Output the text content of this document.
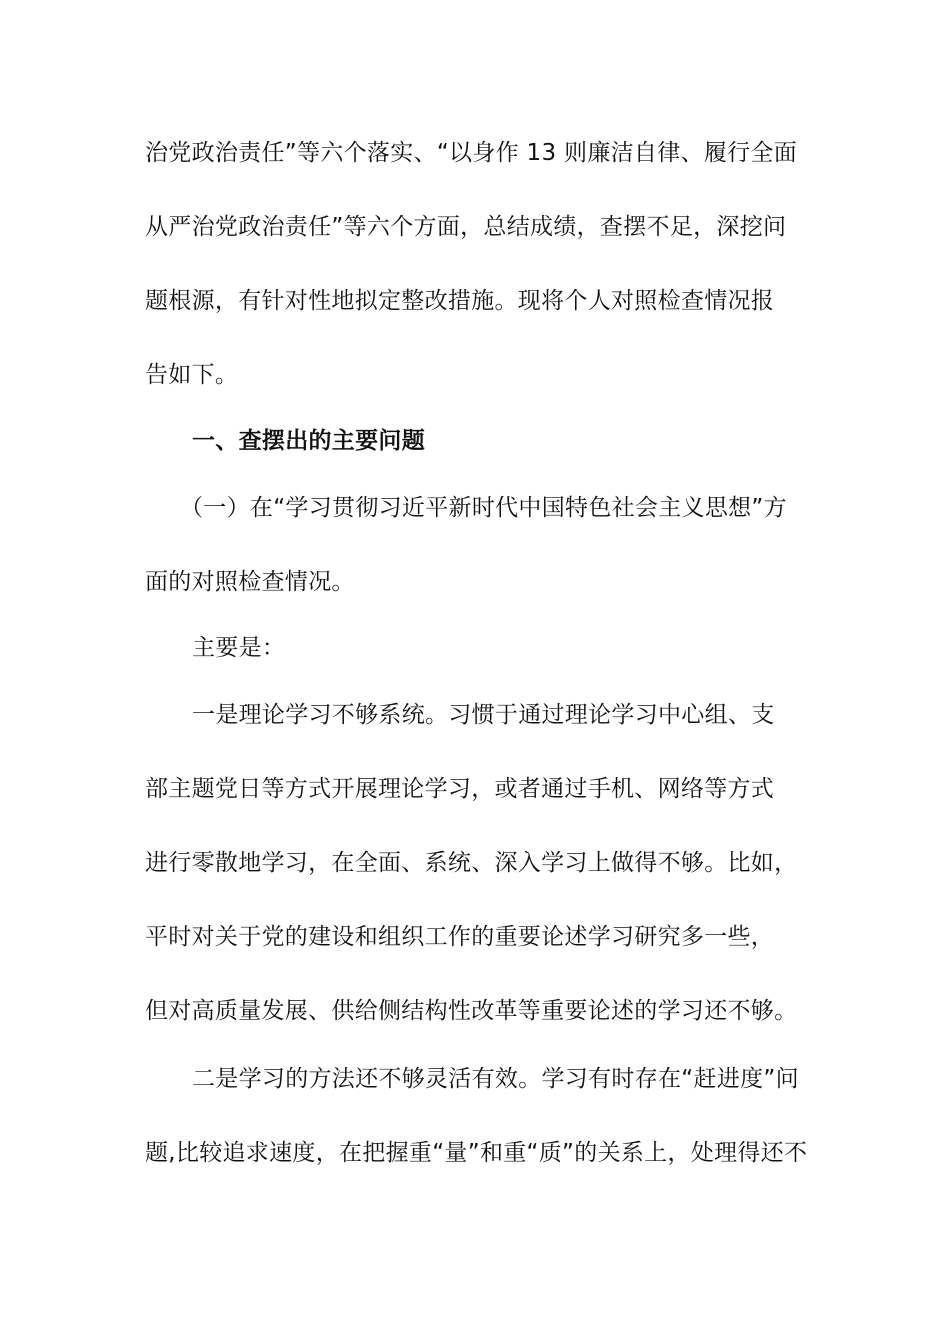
治党政治责任”等六个落实、“以身作 13 则廉洁自律、履行全面
从严治党政治责任”等六个方面，总结成绩，查摆不足，深挖问
题根源，有针对性地拟定整改措施。现将个人对照检查情况报
告如下。
一、查摆出的主要问题
（一）在“学习贯彻习近平新时代中国特色社会主义思想”方
面的对照检查情况。
主要是：
一是理论学习不够系统。习惯于通过理论学习中心组、支
部主题党日等方式开展理论学习，或者通过手机、网络等方式
进行零散地学习，在全面、系统、深入学习上做得不够。比如，
平时对关于党的建设和组织工作的重要论述学习研究多一些，
但对高质量发展、供给侧结构性改革等重要论述的学习还不够。
二是学习的方法还不够灵活有效。学习有时存在“赶进度”问
题,比较追求速度，在把握重“量”和重“质”的关系上，处理得还不
